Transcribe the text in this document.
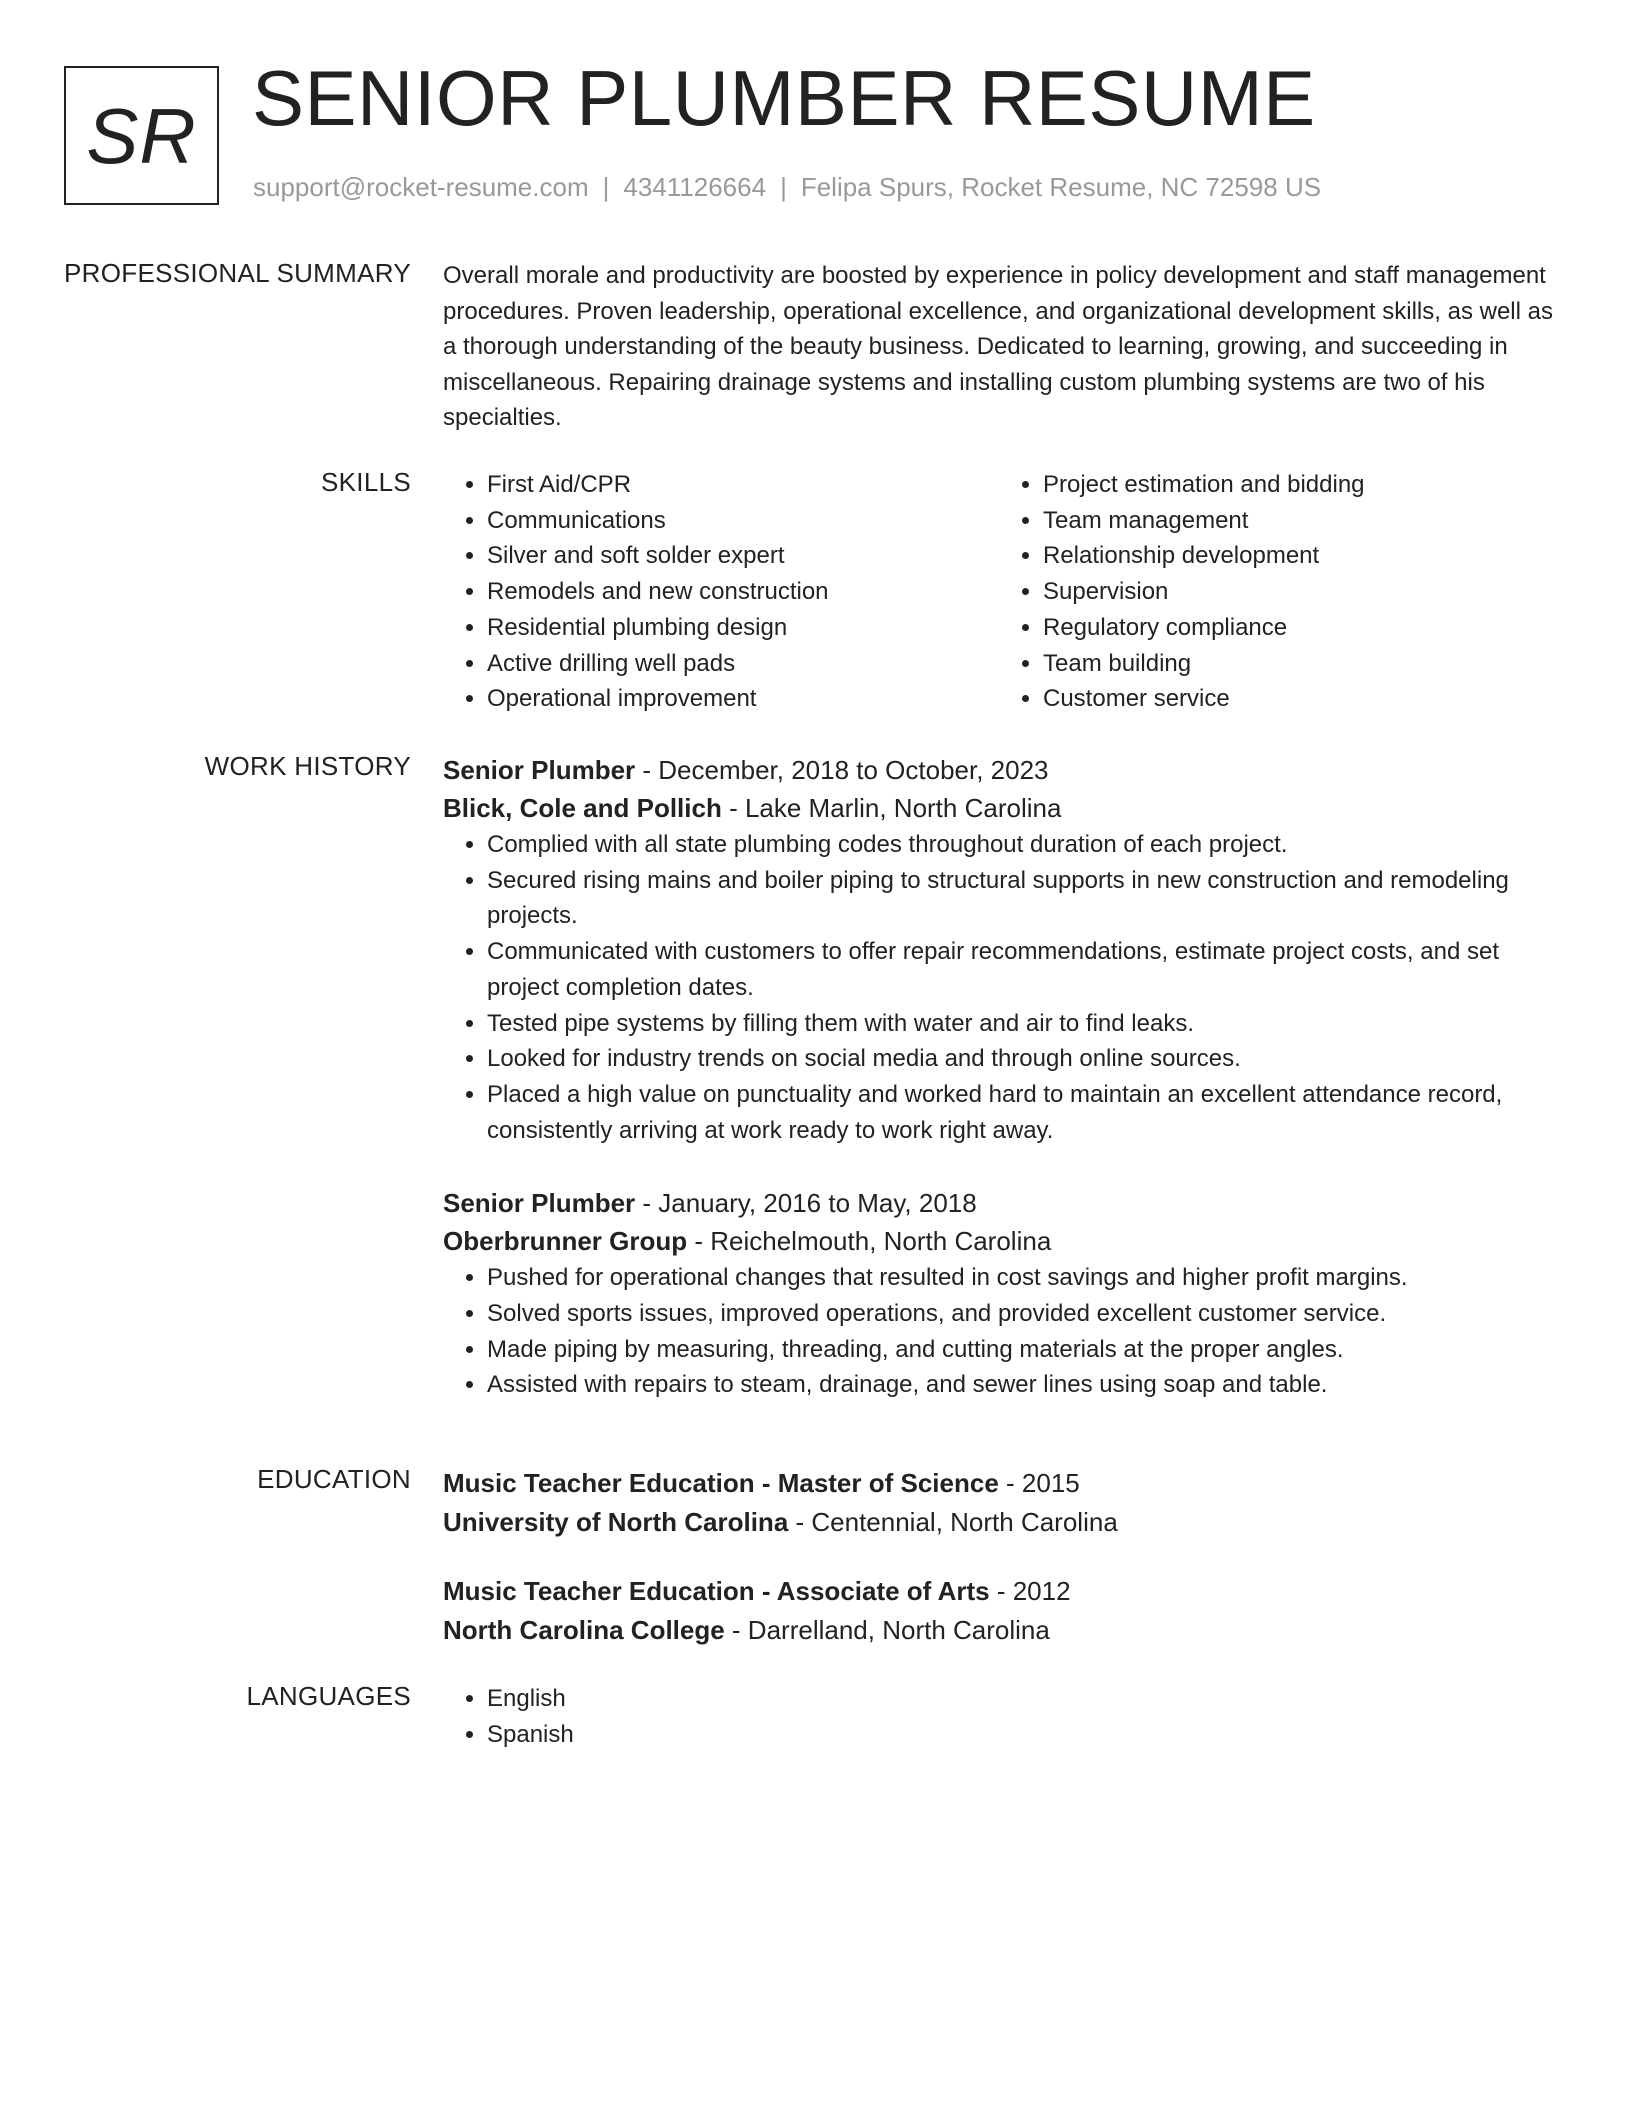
SR SENIOR PLUMBER RESUME
support@rocket-resume.com | 4341126664 | Felipa Spurs, Rocket Resume, NC 72598 US
PROFESSIONAL SUMMARY Overall morale and productivity are boosted by experience in policy development and staff management procedures. Proven leadership, operational excellence, and organizational development skills, as well as a thorough understanding of the beauty business. Dedicated to learning, growing, and succeeding in miscellaneous. Repairing drainage systems and installing custom plumbing systems are two of his specialties.

SKILLS	• First Aid/CPR
• Communications
• Silver and soft solder expert
• Remodels and new construction
• Residential plumbing design
• Active drilling well pads
• Operational improvement
• Project estimation and bidding
• Team management
• Relationship development
• Supervision
• Regulatory compliance
• Team building
• Customer service
WORK HISTORY Senior Plumber - December, 2018 to October, 2023
Blick, Cole and Pollich - Lake Marlin, North Carolina
• Complied with all state plumbing codes throughout duration of each project.
• Secured rising mains and boiler piping to structural supports in new construction and remodeling projects.
• Communicated with customers to offer repair recommendations, estimate project costs, and set project completion dates.
• Tested pipe systems by filling them with water and air to find leaks.
• Looked for industry trends on social media and through online sources.
• Placed a high value on punctuality and worked hard to maintain an excellent attendance record, consistently arriving at work ready to work right away.
Senior Plumber - January, 2016 to May, 2018
Oberbrunner Group - Reichelmouth, North Carolina
• Pushed for operational changes that resulted in cost savings and higher profit margins.
• Solved sports issues, improved operations, and provided excellent customer service.
• Made piping by measuring, threading, and cutting materials at the proper angles.
• Assisted with repairs to steam, drainage, and sewer lines using soap and table.
EDUCATION Music Teacher Education - Master of Science - 2015
University of North Carolina - Centennial, North Carolina
Music Teacher Education - Associate of Arts - 2012
North Carolina College - Darrelland, North Carolina
LANGUAGES	• English
• Spanish
